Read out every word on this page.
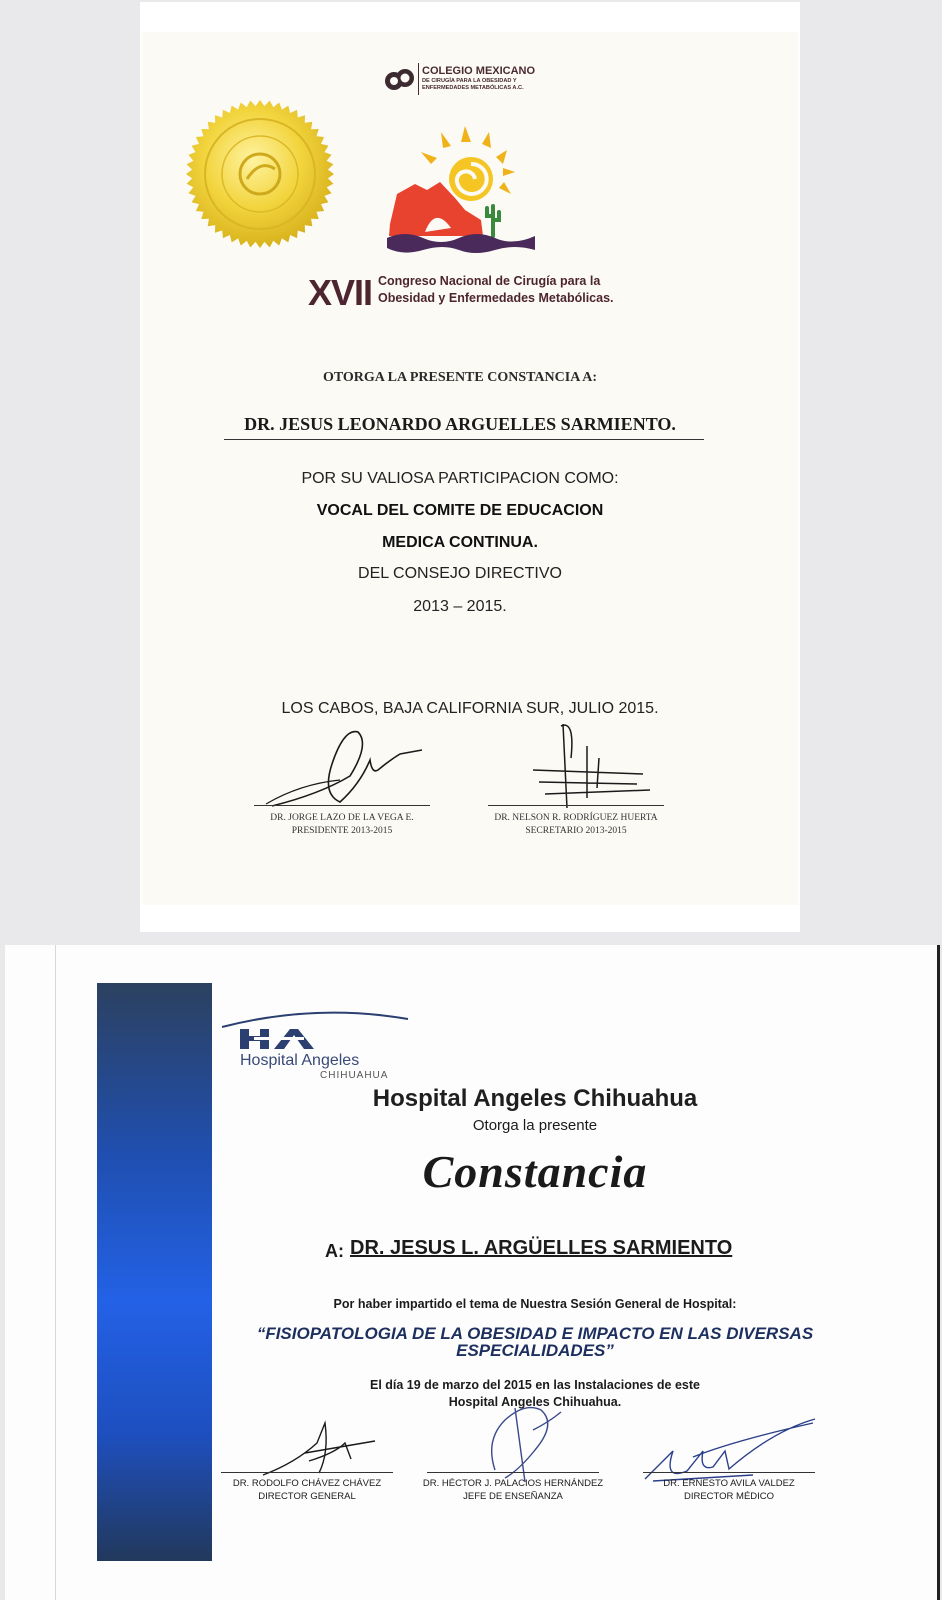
COLEGIO MEXICANO
DE CIRUGÍA PARA LA OBESIDAD Y
ENFERMEDADES METABÓLICAS A.C.
XVII Congreso Nacional de Cirugía para la
Obesidad y Enfermedades Metabólicas.
OTORGA LA PRESENTE CONSTANCIA A:
DR. JESUS LEONARDO ARGUELLES SARMIENTO.
POR SU VALIOSA PARTICIPACION COMO:
VOCAL DEL COMITE DE EDUCACION
MEDICA CONTINUA.
DEL CONSEJO DIRECTIVO
2013 – 2015.
LOS CABOS, BAJA CALIFORNIA SUR, JULIO 2015.
DR. JORGE LAZO DE LA VEGA E.
PRESIDENTE 2013-2015
DR. NELSON R. RODRÍGUEZ HUERTA
SECRETARIO 2013-2015
Hospital Angeles
CHIHUAHUA
Hospital Angeles Chihuahua
Otorga la presente
Constancia
A: DR. JESUS L. ARGÜELLES SARMIENTO
Por haber impartido el tema de Nuestra Sesión General de Hospital:
“FISIOPATOLOGIA DE LA OBESIDAD E IMPACTO EN LAS DIVERSAS
ESPECIALIDADES”
El día 19 de marzo del 2015 en las Instalaciones de este
Hospital Angeles Chihuahua.
DR. RODOLFO CHÁVEZ CHÁVEZ
DIRECTOR GENERAL
DR. HÉCTOR J. PALACIOS HERNÁNDEZ
JEFE DE ENSEÑANZA
DR. ERNESTO AVILA VALDEZ
DIRECTOR MÉDICO
